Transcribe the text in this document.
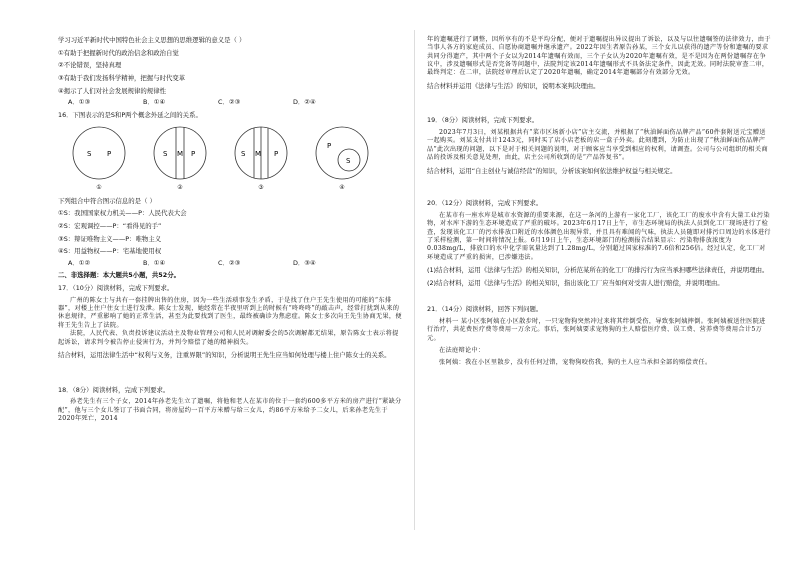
学习习近平新时代中国特色社会主义思想的思维逻辑的意义是（ ）

①有助于把握新时代的政治信念和政治自觉

②不论错误，坚持真理

③有助于我们发扬科学精神，把握与时代变革

④揭示了人们对社会发展规律的规律性

A．①③	B．①④	C．②③	D．②④

16．下图表示的是S和P两个概念外延之间的关系。

S P
①
S M P
②
S M P
③
P
S
④

下列组合中符合图示信息的是（ ）

①S：我国国家权力机关——P：人民代表大会

②S：宏观调控——P：“看得见的手”

③S：辩证唯物主义——P：唯物主义

④S：用益物权——P：宅基地使用权

A．①②	B．①④	C．②③	D．③④

二、非选择题：本大题共5小题，共52分。

17．（10分）阅读材料，完成下列要求。

广州的陈女士与共有一套挂牌出售的住房，因为一些生活琐事发生矛盾，于是找了住户王先生使用的可能的“东排器”，对楼上住户住女士进行发泄。陈女士发现，她经常在半夜里听到上的时候有“咚咚咚”的敲击声，经常打扰到从来的休息规律，严重影响了她的正常生活，甚至为此要找到了医生，最终被确诊为焦虑症。陈女士多次向王先生协商无果，便将王先生告上了法院。

法院，人民代表、负责投诉建议活动主及物业管理公司和人民对调解委会的5次调解都无结果，原告陈女士表示将提起诉讼，请求判令被告停止侵害行为，并判令赔偿了她的精神损失。

结合材料，运用法律生活中“权利与义务，注重界限”的知识，分析说明王先生应当如何处理与楼上住户陈女士的关系。

18．（8分）阅读材料，完成下列要求。

孙老先生有三个子女，2014年孙老先生立了遗嘱，将他和老人在某市的位于一套约600多平方米的房产进行“紧缺分配”，他与三个女儿签订了书面合同，将房屋约一百平方米赠与给三女儿，约86平方米给予二女儿，后来孙老先生于2020年死亡，2014

年的遗嘱进行了调整，因所享有的不是平均分配，便对于遗嘱提出异议提出了诉讼，以及与以往遗嘱签的法律效力，由于当事人各方的家庭成员、自愿协商遗嘱并继承遗产。2022年因生者原告孙某，三个女儿以获得的遗产等份和遗嘱的要求共同分得遗产，其中两个子女以为2014年遗嘱有效而，三个子女认为2020年遗嘱有效，是不是因为在两份遗嘱存在争议中，涉及遗嘱形式是否完备等问题中，法院判定该2014年遗嘱形式不具备法定条件，因此无效。同时法院审查二审，最终判定：在二审，法院经审理后认定了2020年遗嘱，确定2014年遗嘱部分有效部分无效。

结合材料并运用《法律与生活》的知识，说明本案判决理由。

19．（8分）阅读材料，完成下列要求。

2023年7月3日，刘某根据共有“菜市区场新小店”店主交流，并根据了“秋油鲜面伤品牌产品”60件套附送元宝赠送一起购买。刘某支付共计1243元，同时买了店小店老板的店一盒子外卖。此刻遭到，为防止出现了“秋油鲜面伤品牌产品”此次出现的问题，以下是对于相关问题的说明，对于顾客应当享受到相应的权利，请调查。公司与公司组织的相关商品的投诉及相关意见处理，由此，店主公司所收到的是“产品答复书”。

结合材料，运用“自主创业与诚信经营”的知识，分析该案如何依法维护权益与相关规定。

20．（12分）阅读材料，完成下列要求。

在某市有一座水库是城市水资源的重要来源，在这一条河的上游有一家化工厂，该化工厂的废水中含有大量工业污染物，对水库下游的生态环境造成了严重的破坏。2023年6月17日上午，市生态环境局的执法人员到化工厂现场进行了检查，发现该化工厂的污水排放口附近的水体颜色出现异常，并且具有难闻的气味，执法人员随即对排污口周边的水体进行了采样检测，第一时间将情况上报。6月19日上午，生态环境部门的检测报告结果显示：污染物排放浓度为0.038mg/L，排放口的水中化学需氧量达到了1.28mg/L，分别超过国家标准的7.6倍和256倍。经过认定，化工厂对环境造成了严重的损害，已涉嫌违法。

(1)结合材料，运用《法律与生活》的相关知识，分析范某所在的化工厂的排污行为应当承担哪些法律责任，并说明理由。

(2)结合材料，运用《法律与生活》的相关知识，指出该化工厂应当如何对受害人进行赔偿，并说明理由。

21．（14分）阅读材料，回答下列问题。

材料一 某小区张阿姨在小区散步时，一只宠物狗突然冲过来将其绊倒受伤，导致张阿姨摔倒。张阿姨被送往医院进行治疗，共花费医疗费等费用一万余元。事后，张阿姨要求宠物狗的主人赔偿医疗费、误工费、营养费等费用合计5万元。

在法庭辩论中：

张阿姨：我在小区里散步，没有任何过错，宠物狗咬伤我，狗的主人应当承担全部的赔偿责任。
